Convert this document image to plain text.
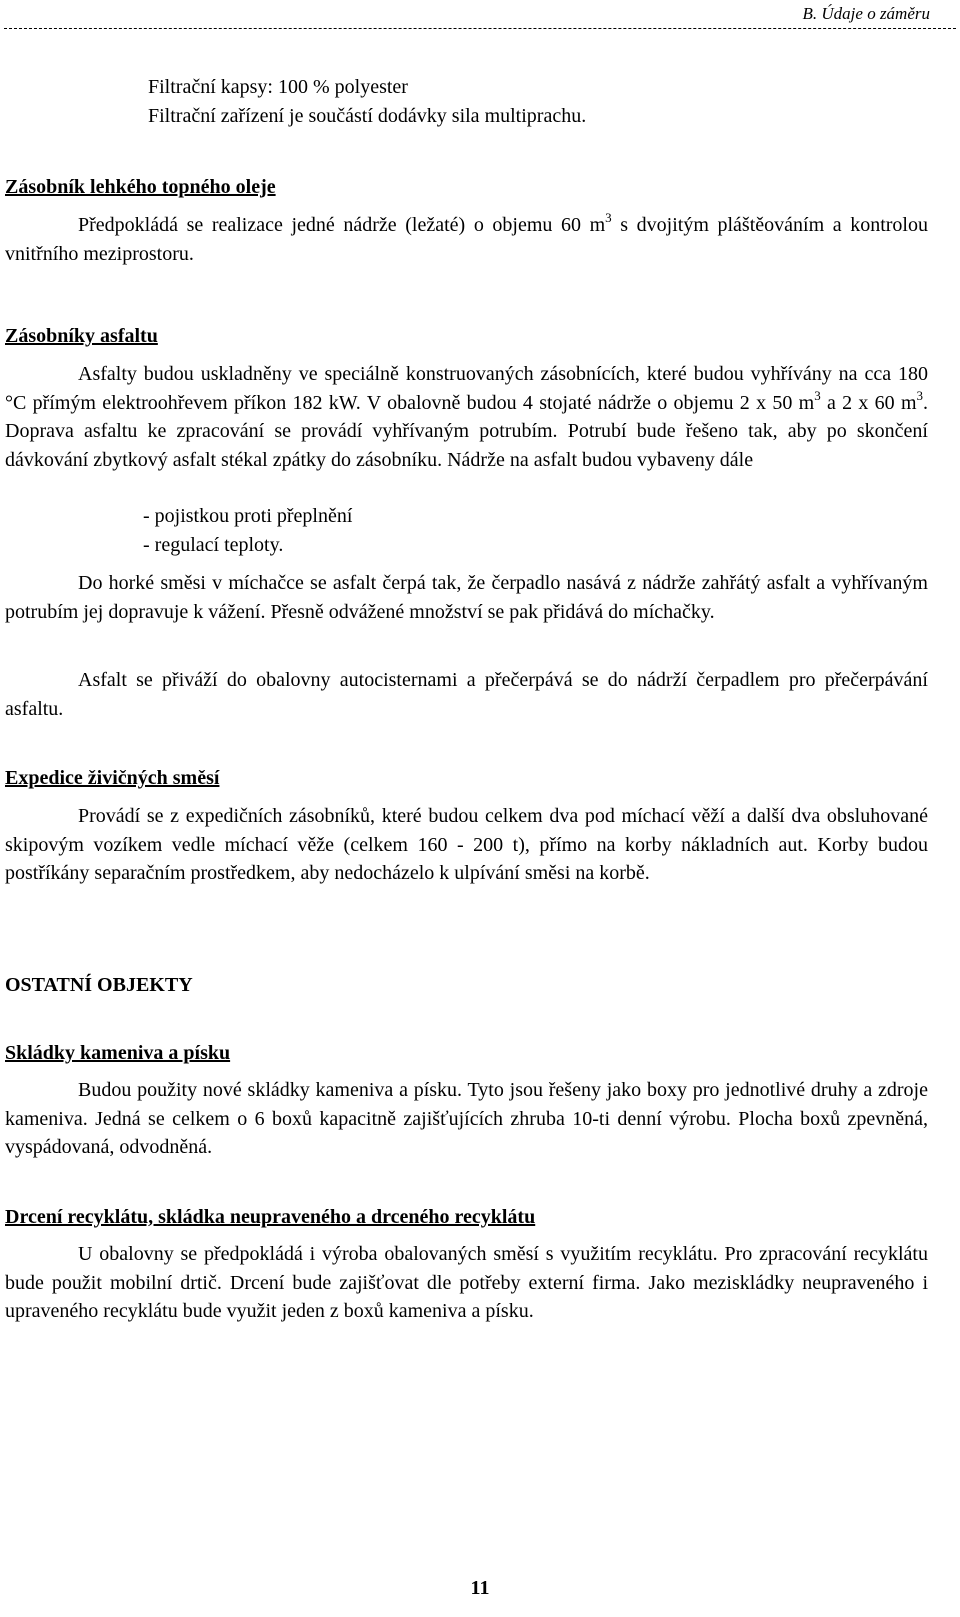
B. Údaje o záměru
Filtrační kapsy: 100 % polyester
Filtrační zařízení je součástí dodávky sila multiprachu.
Zásobník lehkého topného oleje
Předpokládá se realizace jedné nádrže (ležaté) o objemu 60 $m^3$ s dvojitým pláštěováním a kontrolou vnitřního meziprostoru.
Zásobníky asfaltu
Asfalty budou uskladněny ve speciálně konstruovaných zásobnících, které budou vyhřívány na cca 180 °C přímým elektroohřevem příkon 182 kW. V obalovně budou 4 stojaté nádrže o objemu 2 x 50 $m^3$ a 2 x 60 $m^3$. Doprava asfaltu ke zpracování se provádí vyhřívaným potrubím. Potrubí bude řešeno tak, aby po skončení dávkování zbytkový asfalt stékal zpátky do zásobníku. Nádrže na asfalt budou vybaveny dále
- pojistkou proti přeplnění
- regulací teploty.
Do horké směsi v míchačce se asfalt čerpá tak, že čerpadlo nasává z nádrže zahřátý asfalt a vyhřívaným potrubím jej dopravuje k vážení. Přesně odvážené množství se pak přidává do míchačky.
Asfalt se přiváží do obalovny autocisternami a přečerpává se do nádrží čerpadlem pro přečerpávání asfaltu.
Expedice živičných směsí
Provádí se z expedičních zásobníků, které budou celkem dva pod míchací věží a další dva obsluhované skipovým vozíkem vedle míchací věže (celkem 160 - 200 t), přímo na korby nákladních aut. Korby budou postříkány separačním prostředkem, aby nedocházelo k ulpívání směsi na korbě.
OSTATNÍ OBJEKTY
Skládky kameniva a písku
Budou použity nové skládky kameniva a písku. Tyto jsou řešeny jako boxy pro jednotlivé druhy a zdroje kameniva. Jedná se celkem o 6 boxů kapacitně zajišťujících zhruba 10-ti denní výrobu. Plocha boxů zpevněná, vyspádovaná, odvodněná.
Drcení recyklátu, skládka neupraveného a drceného recyklátu
U obalovny se předpokládá i výroba obalovaných směsí s využitím recyklátu. Pro zpracování recyklátu bude použit mobilní drtič. Drcení bude zajišťovat dle potřeby externí firma. Jako meziskládky neupraveného i upraveného recyklátu bude využit jeden z boxů kameniva a písku.
11
